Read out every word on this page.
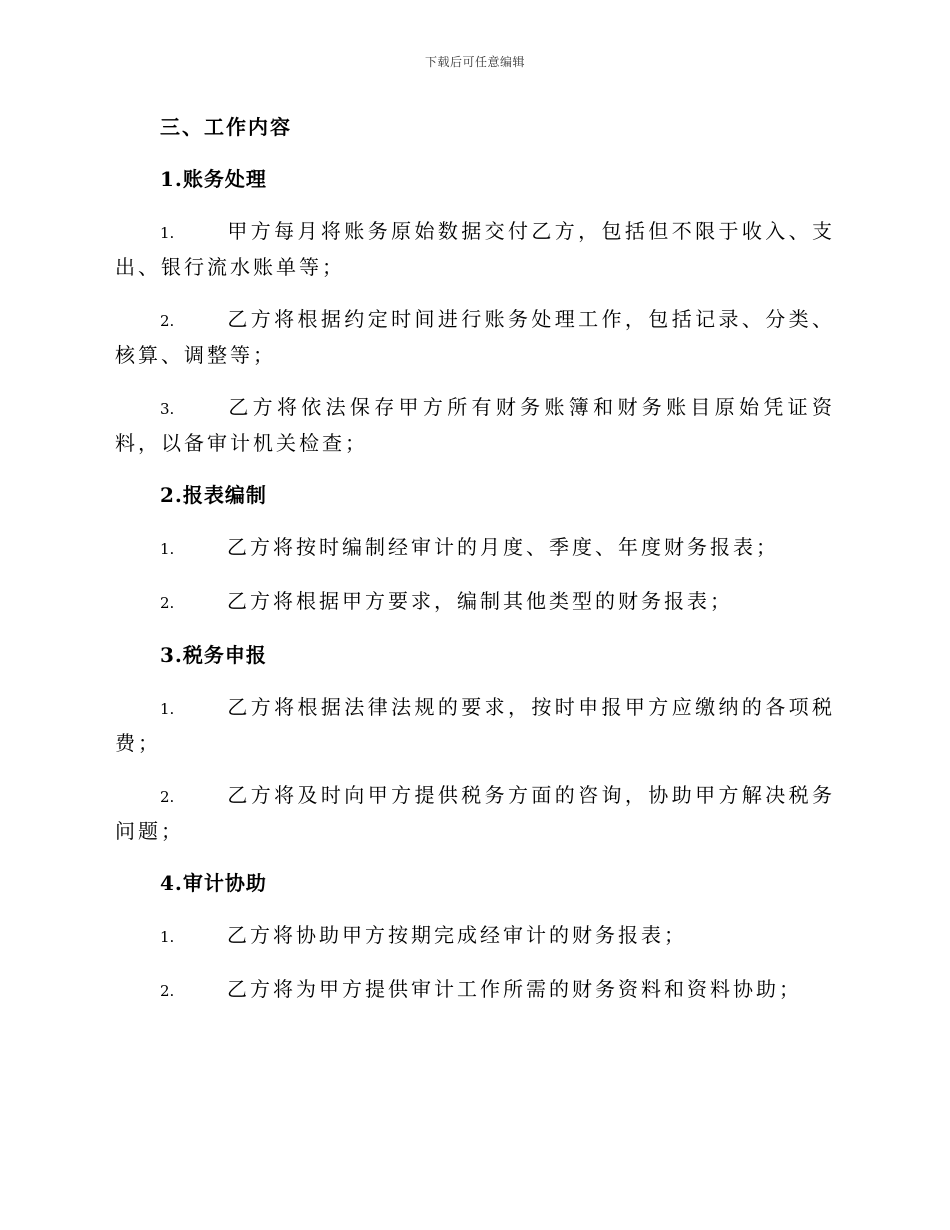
下载后可任意编辑
三、工作内容
1.账务处理
1.	甲方每月将账务原始数据交付乙方，包括但不限于收入、支出、银行流水账单等；
2.	乙方将根据约定时间进行账务处理工作，包括记录、分类、核算、调整等；
3.	乙方将依法保存甲方所有财务账簿和财务账目原始凭证资料，以备审计机关检查；
2.报表编制
1.	乙方将按时编制经审计的月度、季度、年度财务报表；
2.	乙方将根据甲方要求，编制其他类型的财务报表；
3.税务申报
1.	乙方将根据法律法规的要求，按时申报甲方应缴纳的各项税费；
2.	乙方将及时向甲方提供税务方面的咨询，协助甲方解决税务问题；
4.审计协助
1.	乙方将协助甲方按期完成经审计的财务报表；
2.	乙方将为甲方提供审计工作所需的财务资料和资料协助；
